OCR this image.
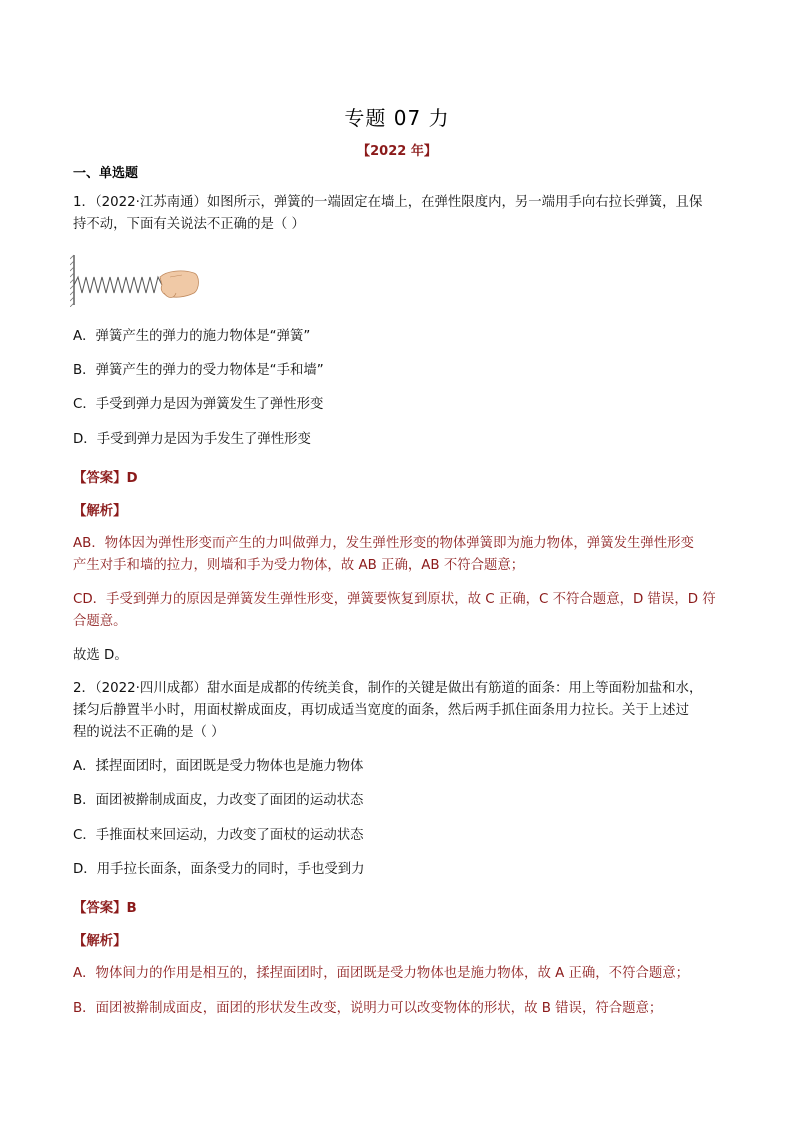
专题 07 力
【2022 年】
一、单选题
1．（2022·江苏南通）如图所示，弹簧的一端固定在墙上，在弹性限度内，另一端用手向右拉长弹簧，且保
持不动，下面有关说法不正确的是（ ）
A．弹簧产生的弹力的施力物体是“弹簧”
B．弹簧产生的弹力的受力物体是“手和墙”
C．手受到弹力是因为弹簧发生了弹性形变
D．手受到弹力是因为手发生了弹性形变
【答案】D
【解析】
AB．物体因为弹性形变而产生的力叫做弹力，发生弹性形变的物体弹簧即为施力物体，弹簧发生弹性形变
产生对手和墙的拉力，则墙和手为受力物体，故 AB 正确，AB 不符合题意；
CD．手受到弹力的原因是弹簧发生弹性形变，弹簧要恢复到原状，故 C 正确，C 不符合题意，D 错误，D 符
合题意。
故选 D。
2．（2022·四川成都）甜水面是成都的传统美食，制作的关键是做出有筋道的面条：用上等面粉加盐和水，
揉匀后静置半小时，用面杖擀成面皮，再切成适当宽度的面条，然后两手抓住面条用力拉长。关于上述过
程的说法不正确的是（ ）
A．揉捏面团时，面团既是受力物体也是施力物体
B．面团被擀制成面皮，力改变了面团的运动状态
C．手推面杖来回运动，力改变了面杖的运动状态
D．用手拉长面条，面条受力的同时，手也受到力
【答案】B
【解析】
A．物体间力的作用是相互的，揉捏面团时，面团既是受力物体也是施力物体，故 A 正确，不符合题意；
B．面团被擀制成面皮，面团的形状发生改变，说明力可以改变物体的形状，故 B 错误，符合题意；
